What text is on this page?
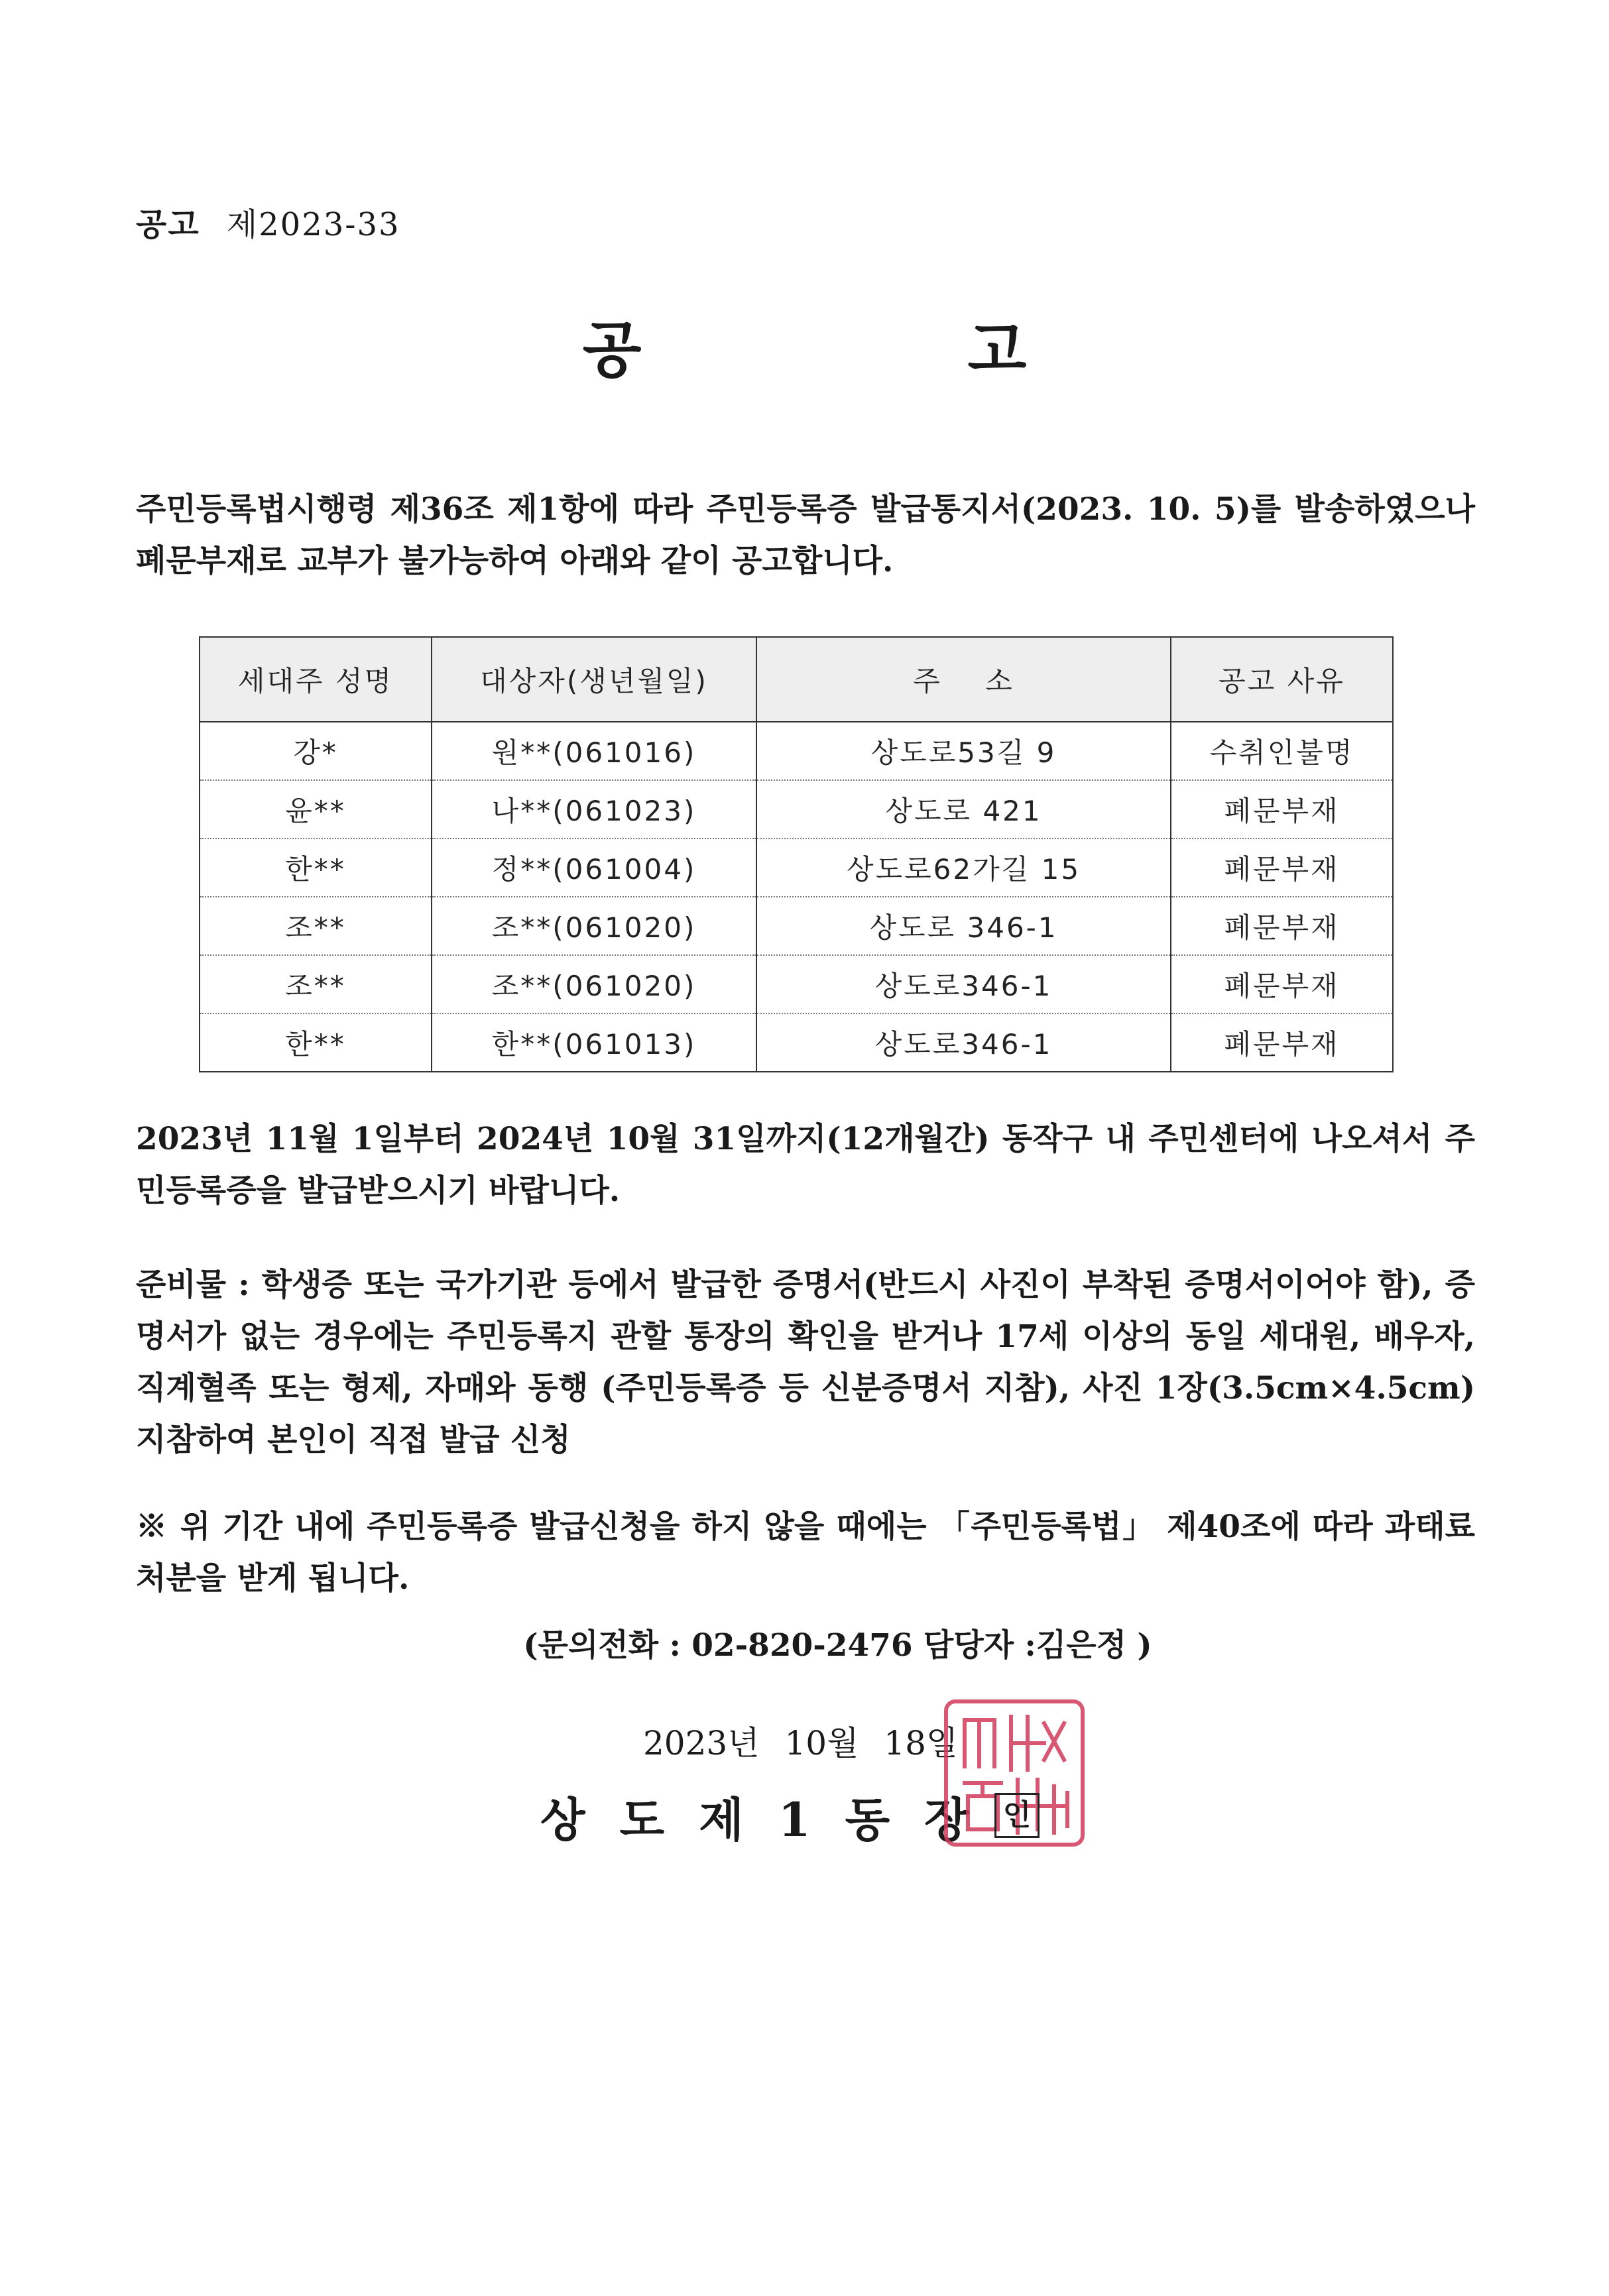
공고 제2023-33
공 고
주민등록법시행령 제36조 제1항에 따라 주민등록증 발급통지서(2023. 10. 5)를 발송하였으나 폐문부재로 교부가 불가능하여 아래와 같이 공고합니다.
세대주 성명	대상자(생년월일)	주    소	공고 사유
강*	원**(061016)	상도로53길 9	수취인불명
윤**	나**(061023)	상도로 421	폐문부재
한**	정**(061004)	상도로62가길 15	폐문부재
조**	조**(061020)	상도로 346-1	폐문부재
조**	조**(061020)	상도로346-1	폐문부재
한**	한**(061013)	상도로346-1	폐문부재
2023년 11월 1일부터 2024년 10월 31일까지(12개월간) 동작구 내 주민센터에 나오셔서 주민등록증을 발급받으시기 바랍니다.
준비물 : 학생증 또는 국가기관 등에서 발급한 증명서(반드시 사진이 부착된 증명서이어야 함), 증명서가 없는 경우에는 주민등록지 관할 통장의 확인을 받거나 17세 이상의 동일 세대원, 배우자, 직계혈족 또는 형제, 자매와 동행 (주민등록증 등 신분증명서 지참), 사진 1장(3.5cm×4.5cm) 지참하여 본인이 직접 발급 신청
※ 위 기간 내에 주민등록증 발급신청을 하지 않을 때에는 「주민등록법」 제40조에 따라 과태료 처분을 받게 됩니다.
(문의전화 : 02-820-2476 담당자 :김은정 )
2023년 10월 18일
상도제1동장
인
